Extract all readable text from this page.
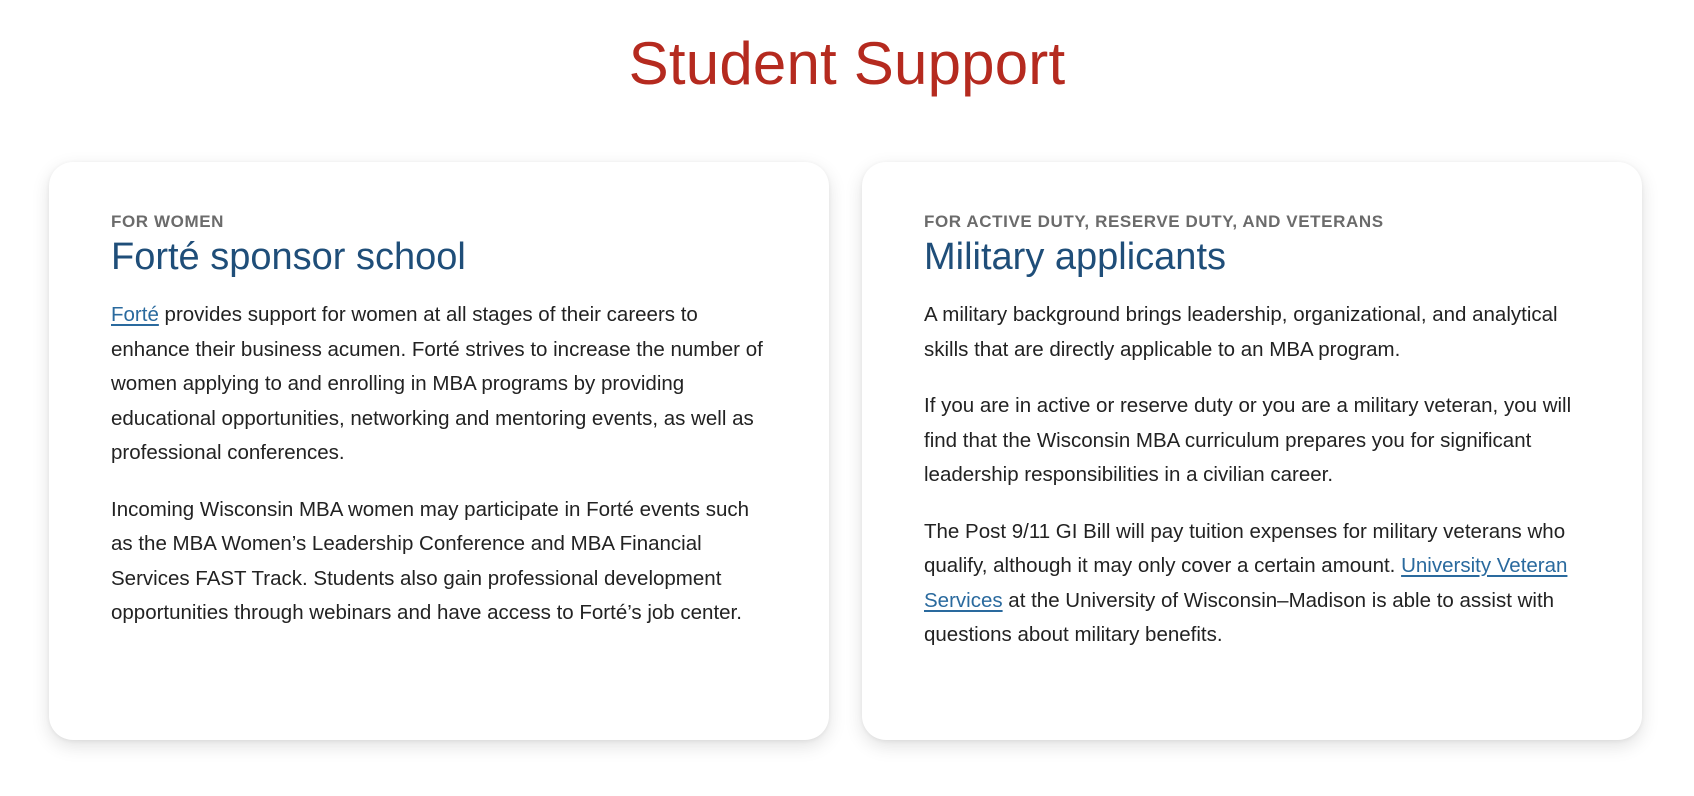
Student Support
FOR WOMEN
Forté sponsor school

Forté provides support for women at all stages of their careers to enhance their business acumen. Forté strives to increase the number of women applying to and enrolling in MBA programs by providing educational opportunities, networking and mentoring events, as well as professional conferences.

Incoming Wisconsin MBA women may participate in Forté events such as the MBA Women’s Leadership Conference and MBA Financial Services FAST Track. Students also gain professional development opportunities through webinars and have access to Forté’s job center.

FOR ACTIVE DUTY, RESERVE DUTY, AND VETERANS
Military applicants

A military background brings leadership, organizational, and analytical skills that are directly applicable to an MBA program.

If you are in active or reserve duty or you are a military veteran, you will find that the Wisconsin MBA curriculum prepares you for significant leadership responsibilities in a civilian career.

The Post 9/11 GI Bill will pay tuition expenses for military veterans who qualify, although it may only cover a certain amount. University Veteran Services at the University of Wisconsin–Madison is able to assist with questions about military benefits.
